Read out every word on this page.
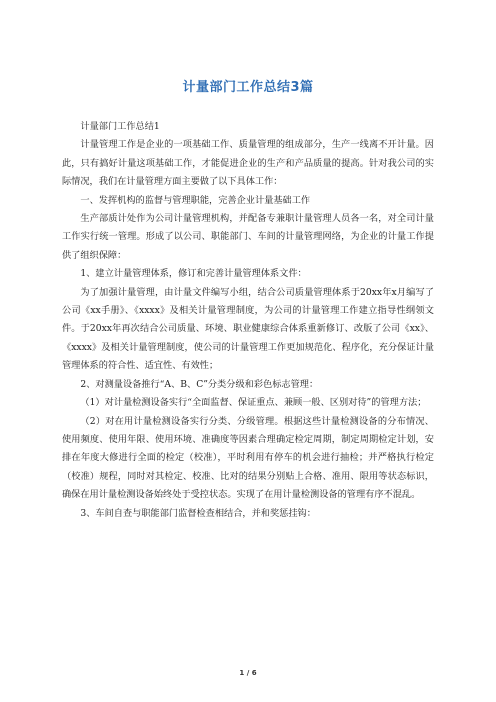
计量部门工作总结3篇

计量部门工作总结1

计量管理工作是企业的一项基础工作、质量管理的组成部分，生产一线离不开计量。因此，只有搞好计量这项基础工作，才能促进企业的生产和产品质量的提高。针对我公司的实际情况，我们在计量管理方面主要做了以下具体工作：

一、发挥机构的监督与管理职能，完善企业计量基础工作

生产部质计处作为公司计量管理机构，并配备专兼职计量管理人员各一名，对全司计量工作实行统一管理。形成了以公司、职能部门、车间的计量管理网络，为企业的计量工作提供了组织保障：

1、建立计量管理体系，修订和完善计量管理体系文件：

为了加强计量管理，由计量文件编写小组，结合公司质量管理体系于20xx年x月编写了公司《xx手册》、《xxxx》及相关计量管理制度，为公司的计量管理工作建立指导性纲领文件。于20xx年再次结合公司质量、环境、职业健康综合体系重新修订、改版了公司《xx》、《xxxx》及相关计量管理制度，使公司的计量管理工作更加规范化、程序化，充分保证计量管理体系的符合性、适宜性、有效性；

2、对测量设备推行“A、B、C”分类分级和彩色标志管理：

（1）对计量检测设备实行“全面监督、保证重点、兼顾一般、区别对待”的管理方法；

（2）对在用计量检测设备实行分类、分级管理。根据这些计量检测设备的分布情况、使用频度、使用年限、使用环境、准确度等因素合理确定检定周期，制定周期检定计划，安排在年度大修进行全面的检定（校准），平时利用有停车的机会进行抽检；并严格执行检定（校准）规程，同时对其检定、校准、比对的结果分别贴上合格、准用、限用等状态标识，确保在用计量检测设备始终处于受控状态。实现了在用计量检测设备的管理有序不混乱。

3、车间自查与职能部门监督检查相结合，并和奖惩挂钩：

1 / 6
